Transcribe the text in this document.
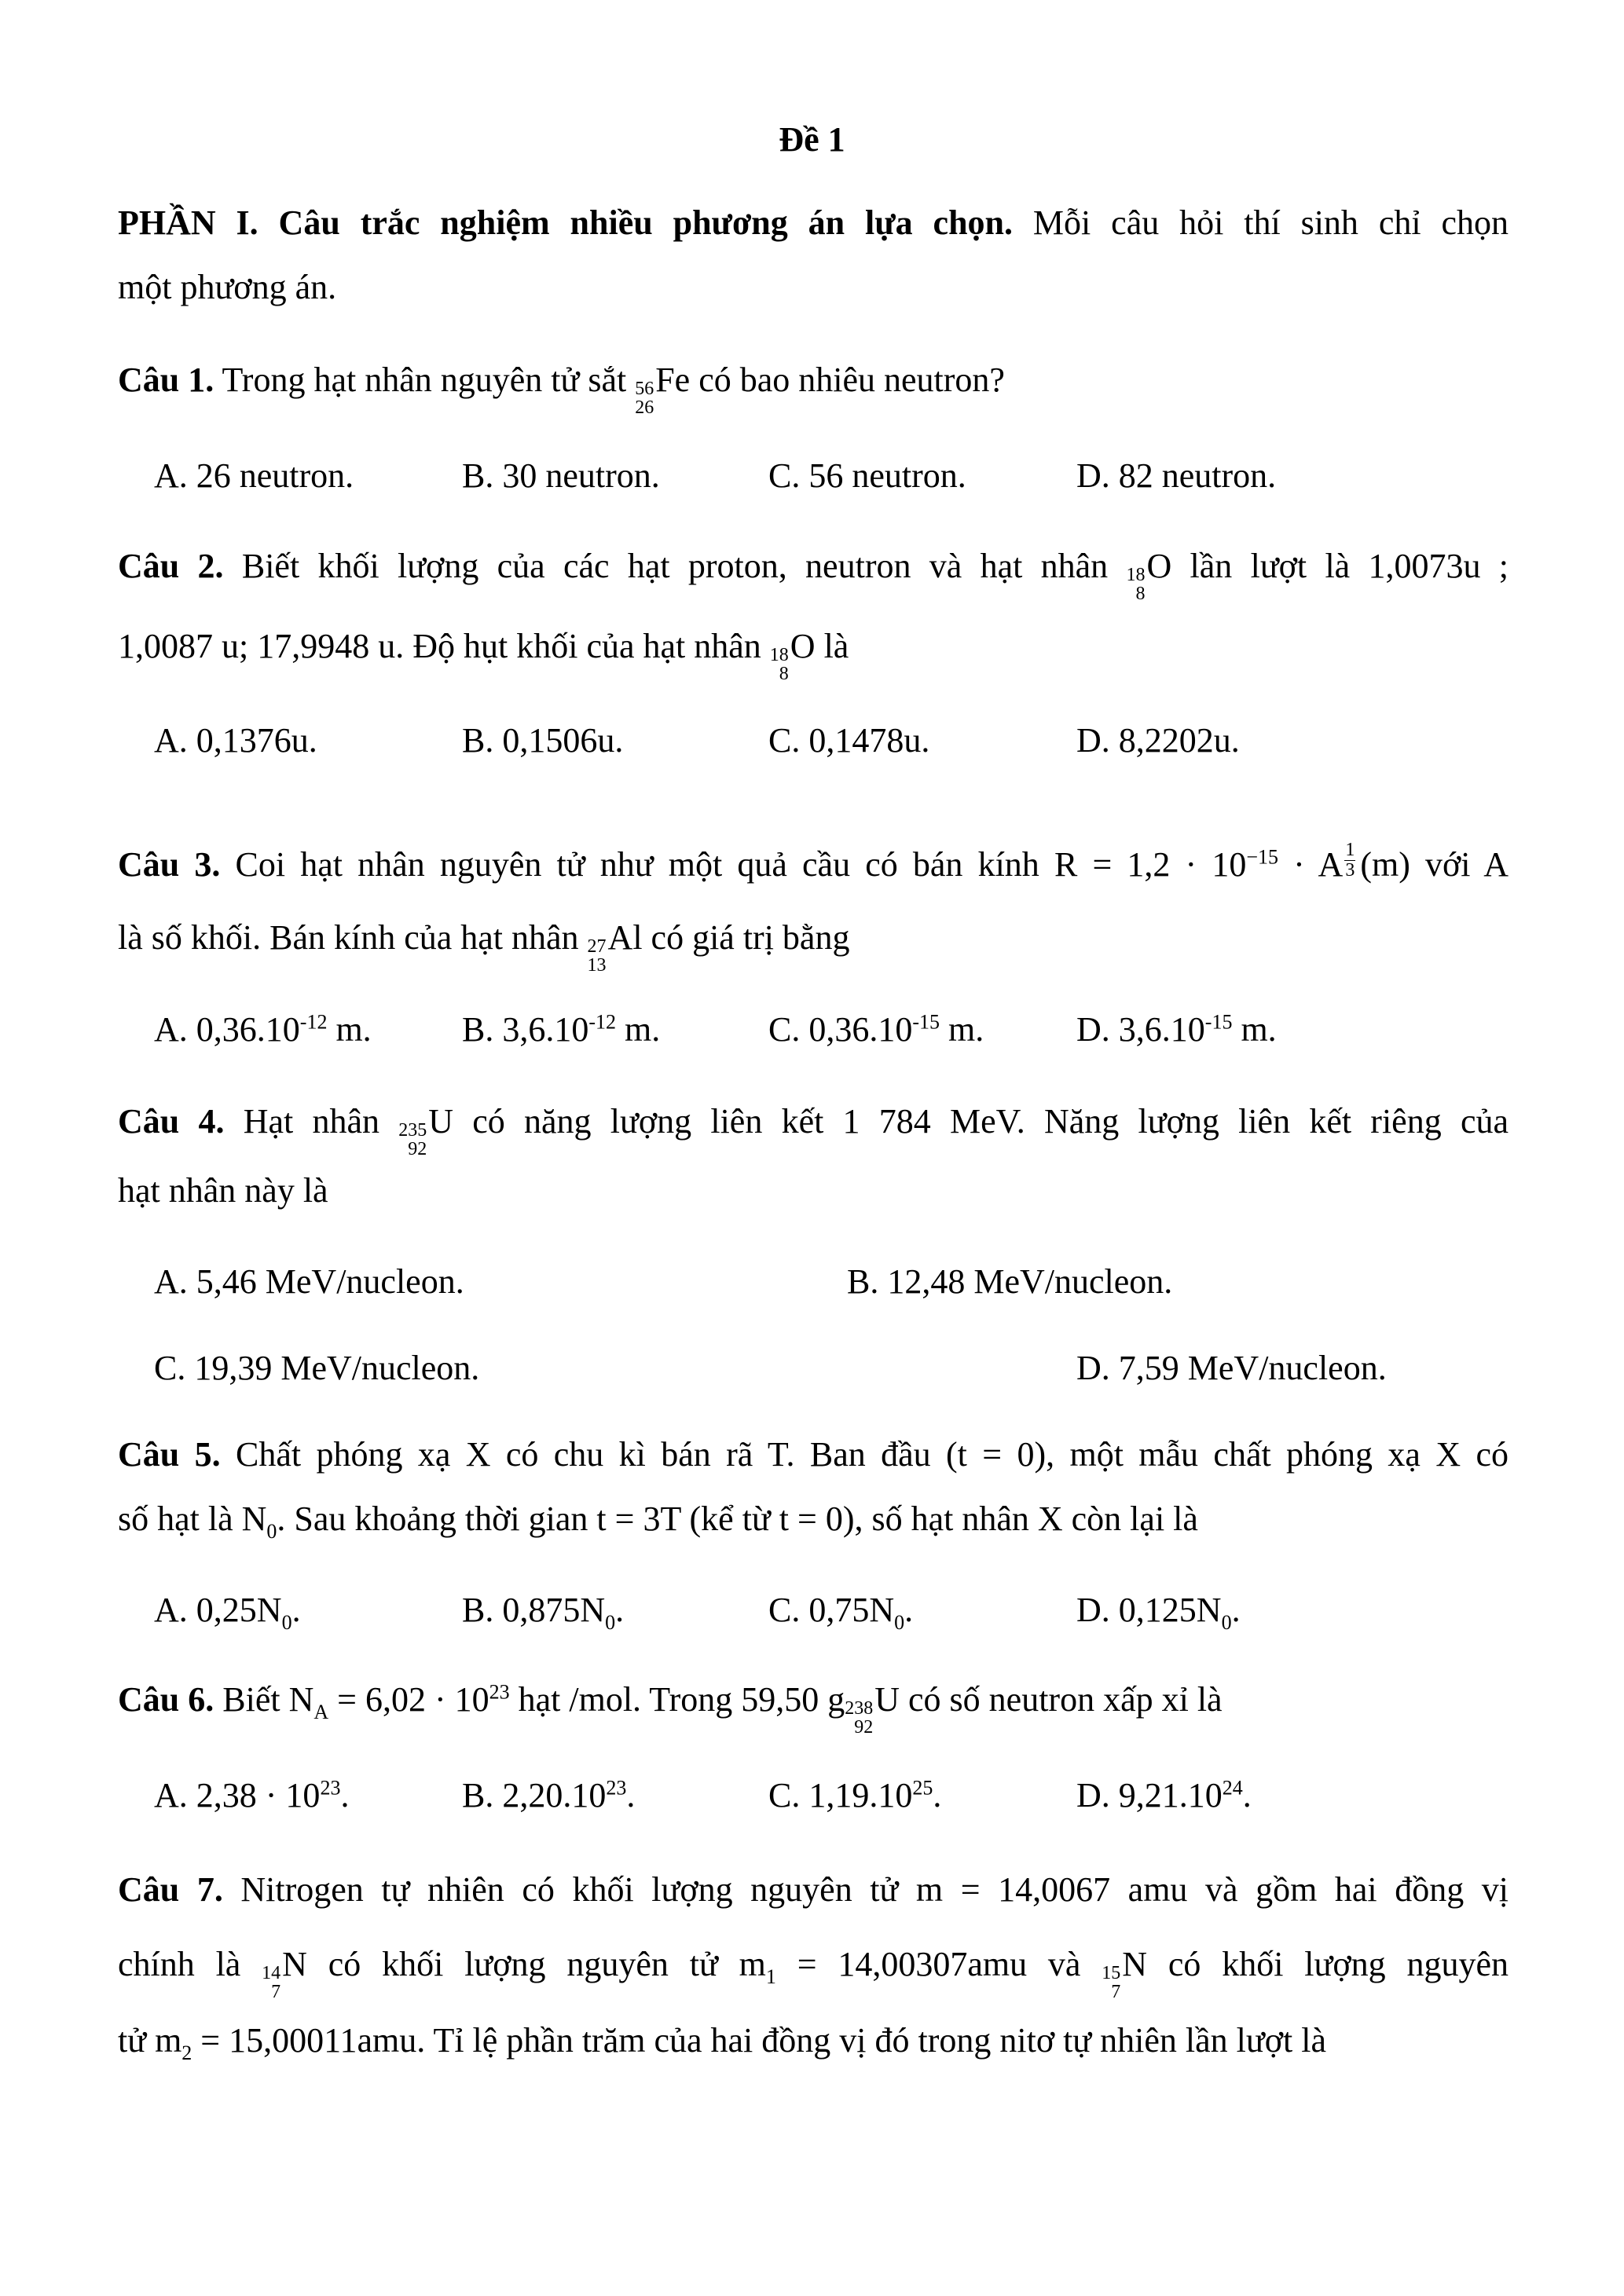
Đề 1
PHẦN I. Câu trắc nghiệm nhiều phương án lựa chọn. Mỗi câu hỏi thí sinh chỉ chọn
một phương án.
Câu 1. Trong hạt nhân nguyên tử sắt 56
26
Fe có bao nhiêu neutron?
A. 26 neutron.	B. 30 neutron.	C. 56 neutron.	D. 82 neutron.
Câu 2. Biết khối lượng của các hạt proton, neutron và hạt nhân 18
8
O lần lượt là 1,0073u ;
1,0087 u; 17,9948 u. Độ hụt khối của hạt nhân 18
8
O là
A. 0,1376u.	B. 0,1506u.	C. 0,1478u.	D. 8,2202u.
Câu 3. Coi hạt nhân nguyên tử như một quả cầu có bán kính $R = 1,2 \cdot 10^{-15} \cdot A \frac{1}{3} (m)$ với A
là số khối. Bán kính của hạt nhân 27
13
Al có giá trị bằng
A. $0,36.10^{-12}$ m.	B. $3,6.10^{-12}$ m.	C. $0,36.10^{-15}$ m.	D. $3,6.10^{-15}$ m.
Câu 4. Hạt nhân 235
92
U có năng lượng liên kết 1 784 MeV. Năng lượng liên kết riêng của
hạt nhân này là
A. 5,46 MeV/nucleon.	B. 12,48 MeV/nucleon.
C. 19,39 MeV/nucleon.	D. 7,59 MeV/nucleon.
Câu 5. Chất phóng xạ X có chu kì bán rã T. Ban đầu (t = 0), một mẫu chất phóng xạ X có
số hạt là $N_0$. Sau khoảng thời gian t = 3T (kể từ t = 0), số hạt nhân X còn lại là
A. $0,25N_0$.	B. $0,875N_0$.	C. $0,75N_0$.	D. $0,125N_0$.
Câu 6. Biết $N_A = 6,02 \cdot 10^{23}$ hạt /mol. Trong 59,50 g 238
92
U có số neutron xấp xỉ là
A. $2,38 \cdot 10^{23}$.	B. 2,20.10$^{23}$.	C. 1,19.10$^{25}$.	D. 9,21.10$^{24}$.
Câu 7. Nitrogen tự nhiên có khối lượng nguyên tử m = 14,0067 amu và gồm hai đồng vị
chính là 14
7
N có khối lượng nguyên tử $m_1 = 14,00307amu$ và 15
7
N có khối lượng nguyên
tử $m_2 = 15,00011amu$. Tỉ lệ phần trăm của hai đồng vị đó trong nitơ tự nhiên lần lượt là
